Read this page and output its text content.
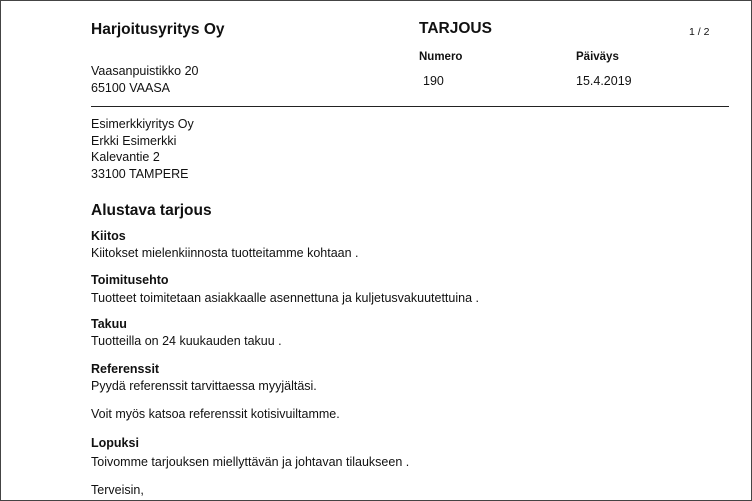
Harjoitusyritys Oy
Vaasanpuistikko 20
65100 VAASA
TARJOUS	1 / 2
Numero
190
Päiväys
15.4.2019
Esimerkkiyritys Oy
Erkki Esimerkki
Kalevantie 2
33100 TAMPERE
Alustava tarjous
Kiitos
Kiitokset mielenkiinnosta tuotteitamme kohtaan .
Toimitusehto
Tuotteet toimitetaan asiakkaalle asennettuna ja kuljetusvakuutettuina .
Takuu
Tuotteilla on 24 kuukauden takuu .
Referenssit
Pyydä referenssit tarvittaessa myyjältäsi.
Voit myös katsoa referenssit kotisivuiltamme.
Lopuksi
Toivomme tarjouksen miellyttävän ja johtavan tilaukseen .
Terveisin,
